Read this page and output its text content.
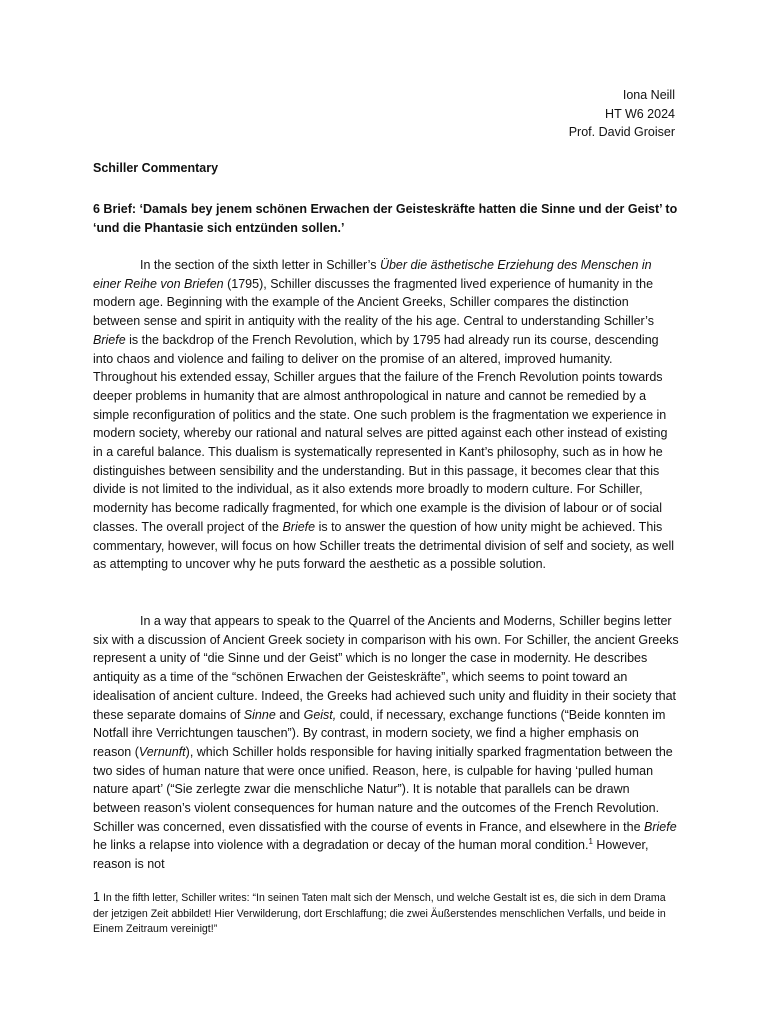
Iona Neill
HT W6 2024
Prof. David Groiser
Schiller Commentary
6 Brief: ‘Damals bey jenem schönen Erwachen der Geisteskräfte hatten die Sinne und der Geist’ to ‘und die Phantasie sich entzünden sollen.’

In the section of the sixth letter in Schiller’s Über die ästhetische Erziehung des Menschen in einer Reihe von Briefen (1795), Schiller discusses the fragmented lived experience of humanity in the modern age. Beginning with the example of the Ancient Greeks, Schiller compares the distinction between sense and spirit in antiquity with the reality of the his age. Central to understanding Schiller’s Briefe is the backdrop of the French Revolution, which by 1795 had already run its course, descending into chaos and violence and failing to deliver on the promise of an altered, improved humanity. Throughout his extended essay, Schiller argues that the failure of the French Revolution points towards deeper problems in humanity that are almost anthropological in nature and cannot be remedied by a simple reconfiguration of politics and the state. One such problem is the fragmentation we experience in modern society, whereby our rational and natural selves are pitted against each other instead of existing in a careful balance. This dualism is systematically represented in Kant’s philosophy, such as in how he distinguishes between sensibility and the understanding. But in this passage, it becomes clear that this divide is not limited to the individual, as it also extends more broadly to modern culture. For Schiller, modernity has become radically fragmented, for which one example is the division of labour or of social classes. The overall project of the Briefe is to answer the question of how unity might be achieved. This commentary, however, will focus on how Schiller treats the detrimental division of self and society, as well as attempting to uncover why he puts forward the aesthetic as a possible solution.

In a way that appears to speak to the Quarrel of the Ancients and Moderns, Schiller begins letter six with a discussion of Ancient Greek society in comparison with his own. For Schiller, the ancient Greeks represent a unity of “die Sinne und der Geist” which is no longer the case in modernity. He describes antiquity as a time of the “schönen Erwachen der Geisteskräfte”, which seems to point toward an idealisation of ancient culture. Indeed, the Greeks had achieved such unity and fluidity in their society that these separate domains of Sinne and Geist, could, if necessary, exchange functions (“Beide konnten im Notfall ihre Verrichtungen tauschen”). By contrast, in modern society, we find a higher emphasis on reason (Vernunft), which Schiller holds responsible for having initially sparked fragmentation between the two sides of human nature that were once unified. Reason, here, is culpable for having ‘pulled human nature apart’ (“Sie zerlegte zwar die menschliche Natur”). It is notable that parallels can be drawn between reason’s violent consequences for human nature and the outcomes of the French Revolution. Schiller was concerned, even dissatisfied with the course of events in France, and elsewhere in the Briefe he links a relapse into violence with a degradation or decay of the human moral condition.$^1$ However, reason is not

1 In the fifth letter, Schiller writes: “In seinen Taten malt sich der Mensch, und welche Gestalt ist es, die sich in dem Drama der jetzigen Zeit abbildet! Hier Verwilderung, dort Erschlaffung; die zwei Äußerstendes menschlichen Verfalls, und beide in Einem Zeitraum vereinigt!”
